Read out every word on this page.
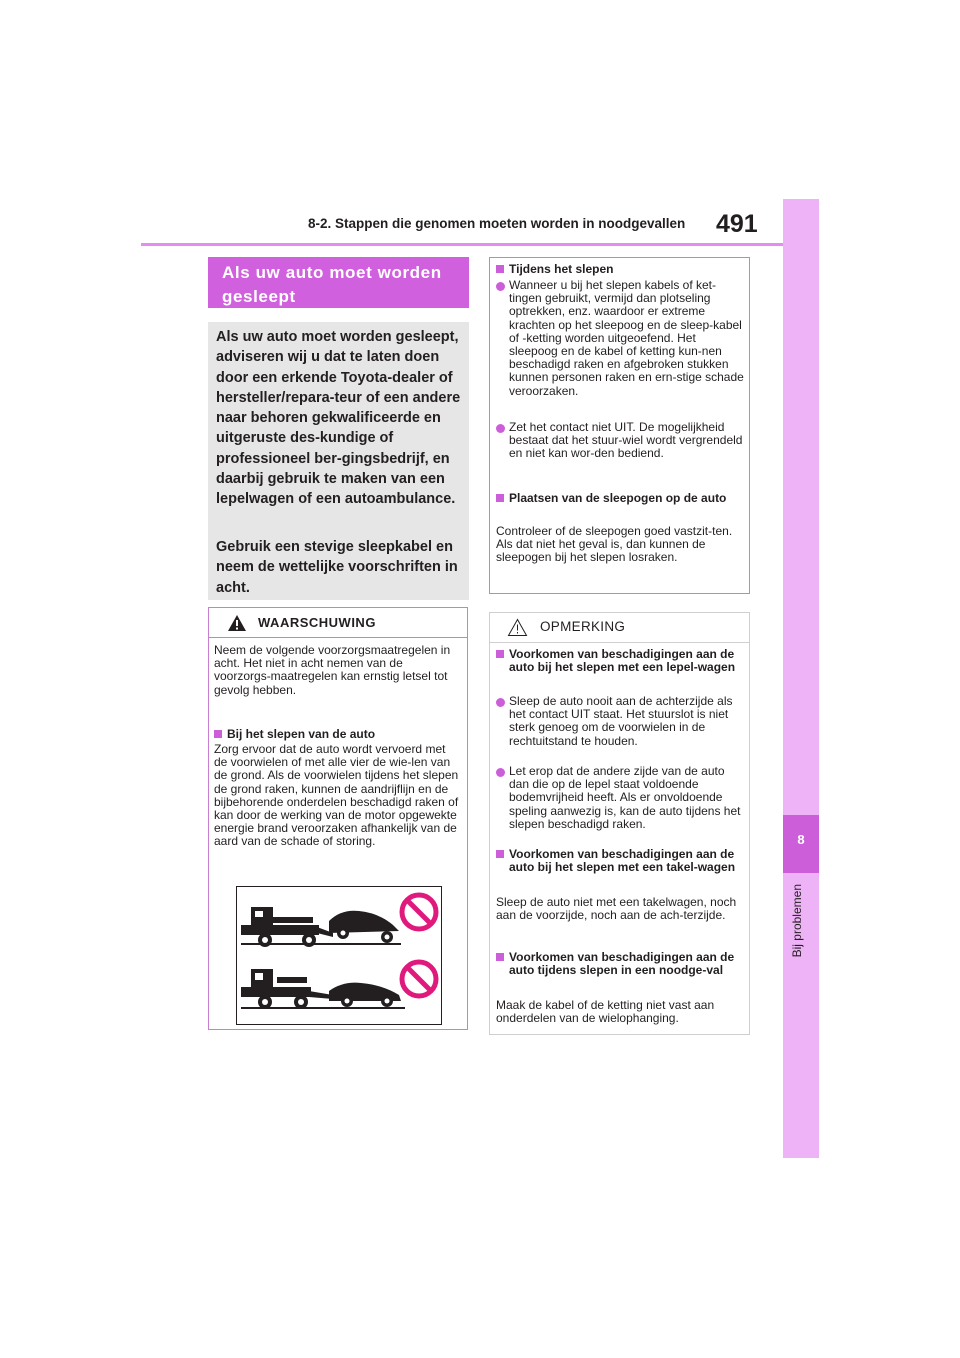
8-2. Stappen die genomen moeten worden in noodgevallen 491
8
Bij problemen
Als uw auto moet worden
gesleept
Als uw auto moet worden gesleept, adviseren wij u dat te laten doen door een erkende Toyota-dealer of hersteller/repara-teur of een andere naar behoren gekwalificeerde en uitgeruste des-kundige of professioneel ber-gingsbedrijf, en daarbij gebruik te maken van een lepelwagen of een autoambulance.
Gebruik een stevige sleepkabel en neem de wettelijke voorschriften in acht.
WAARSCHUWING
Neem de volgende voorzorgsmaatregelen in acht. Het niet in acht nemen van de voorzorgs-maatregelen kan ernstig letsel tot gevolg hebben.
Bij het slepen van de auto
Zorg ervoor dat de auto wordt vervoerd met de voorwielen of met alle vier de wie-len van de grond. Als de voorwielen tijdens het slepen de grond raken, kunnen de aandrijflijn en de bijbehorende onderdelen beschadigd raken of kan door de werking van de motor opgewekte energie brand veroorzaken afhankelijk van de aard van de schade of storing.
Tijdens het slepen
Wanneer u bij het slepen kabels of ket-tingen gebruikt, vermijd dan plotseling optrekken, enz. waardoor er extreme krachten op het sleepoog en de sleep-kabel of -ketting worden uitgeoefend. Het sleepoog en de kabel of ketting kun-nen beschadigd raken en afgebroken stukken kunnen personen raken en ern-stige schade veroorzaken.
Zet het contact niet UIT. De mogelijkheid bestaat dat het stuur-wiel wordt vergrendeld en niet kan wor-den bediend.
Plaatsen van de sleepogen op de auto
Controleer of de sleepogen goed vastzit-ten. Als dat niet het geval is, dan kunnen de sleepogen bij het slepen losraken.
OPMERKING
Voorkomen van beschadigingen aan de auto bij het slepen met een lepel-wagen
Sleep de auto nooit aan de achterzijde als het contact UIT staat. Het stuurslot is niet sterk genoeg om de voorwielen in de rechtuitstand te houden.
Let erop dat de andere zijde van de auto dan die op de lepel staat voldoende bodemvrijheid heeft. Als er onvoldoende speling aanwezig is, kan de auto tijdens het slepen beschadigd raken.
Voorkomen van beschadigingen aan de auto bij het slepen met een takel-wagen
Sleep de auto niet met een takelwagen, noch aan de voorzijde, noch aan de ach-terzijde.
Voorkomen van beschadigingen aan de auto tijdens slepen in een noodge-val
Maak de kabel of de ketting niet vast aan onderdelen van de wielophanging.
